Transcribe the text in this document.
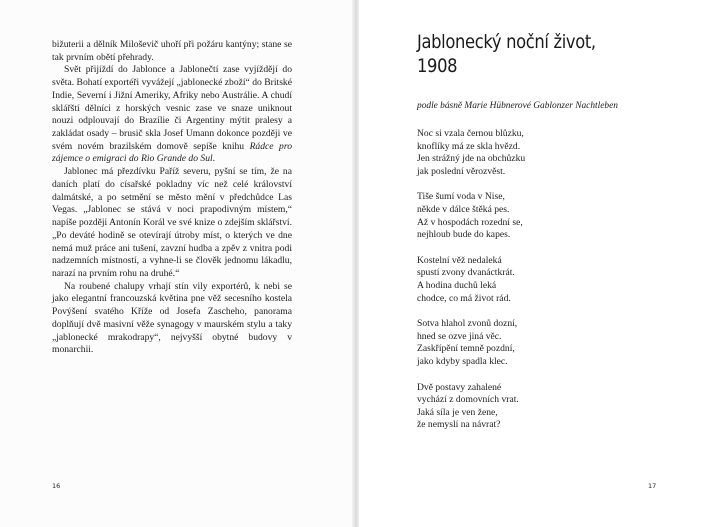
bižuterii a dělník Miloševič uhoří při požáru kantýny; stane se tak prvním obětí přehrady.

Svět přijíždí do Jablonce a Jablonečtí zase vyjíždějí do světa. Bohatí exportéři vyvážejí „jablonecké zboží“ do Britské Indie, Severní i Jižní Ameriky, Afriky nebo Austrálie. A chudí sklářští dělníci z horských vesnic zase ve snaze uniknout nouzi odplouvají do Brazílie či Argentiny mýtit pralesy a zakládat osady – brusič skla Josef Umann dokonce později ve svém novém brazilském domově sepíše knihu Rádce pro zájemce o emigraci do Rio Grande do Sul.

Jablonec má přezdívku Paříž severu, pyšní se tím, že na daních platí do císařské pokladny víc než celé království dalmátské, a po setmění se město mění v předchůdce Las Vegas. „Jablonec se stává v noci prapodivným místem,“ napíše později Antonín Korál ve své knize o zdejším sklářství. „Po deváté hodině se otevírají útroby míst, o kterých ve dne nemá muž práce ani tušení, zavzní hudba a zpěv z vnitra podi nadzemních místností, a vyhne-li se člověk jednomu lákadlu, narazí na prvním rohu na druhé.“

Na roubené chalupy vrhají stín vily exportérů, k nebi se jako elegantní francouzská květina pne věž secesního kostela Povýšení svatého Kříže od Josefa Zascheho, panorama doplňují dvě masivní věže synagogy v maurském stylu a taky „jablonecké mrakodrapy“, nejvyšší obytné budovy v monarchii.

16
Jablonecký noční život,
1908

podle básně Marie Hübnerové Gablonzer Nachtleben

Noc si vzala černou blůzku,
knoflíky má ze skla hvězd.
Jen strážný jde na obchůzku
jak poslední věrozvěst.
Tiše šumí voda v Nise,
někde v dálce štěká pes.
Až v hospodách rozední se,
nejhloub bude do kapes.
Kostelní věž nedaleká
spustí zvony dvanáctkrát.
A hodina duchů leká
chodce, co má život rád.
Sotva hlahol zvonů dozní,
hned se ozve jiná věc.
Zaskřípění temně pozdní,
jako kdyby spadla klec.
Dvě postavy zahalené
vychází z domovních vrat.
Jaká síla je ven žene,
že nemyslí na návrat?
17
